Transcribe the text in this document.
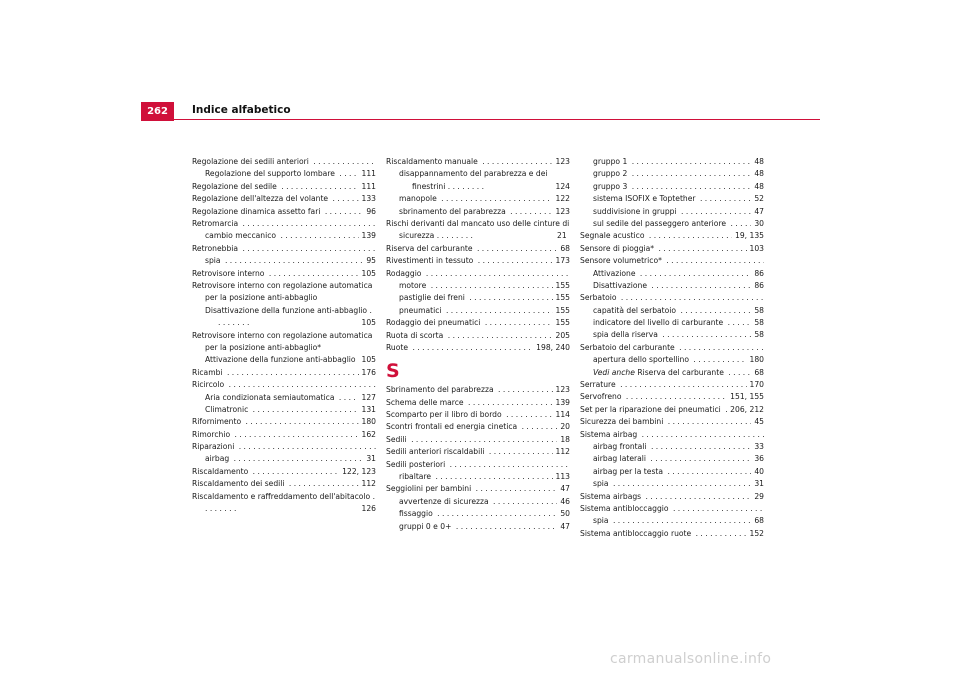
262	Indice alfabetico
Regolazione dei sedili anteriori . . .
Regolazione del supporto lombare . . .	111
Regolazione del sedile . . .	111
Regolazione dell'altezza del volante . . .	133
Regolazione dinamica assetto fari . . .	96
Retromarcia . . .
cambio meccanico . . .	139
Retronebbia . . .
spia . . .	95
Retrovisore interno . . .	105
Retrovisore interno con regolazione automatica per la posizione anti-abbaglio
Disattivazione della funzione anti-abbaglio . . . . . . . .	105
Retrovisore interno con regolazione automatica per la posizione anti-abbaglio*
Attivazione della funzione anti-abbaglio 105
Ricambi . . .	176
Ricircolo . . .
Aria condizionata semiautomatica . . .	127
Climatronic . . .	131
Rifornimento . . .	180
Rimorchio . . .	162
Riparazioni . . .
airbag . . .	31
Riscaldamento . . .	122, 123
Riscaldamento dei sedili . . .	112
Riscaldamento e raffreddamento dell'abitacolo . . . . . . . .	126
Riscaldamento manuale . . .	123
disappannamento del parabrezza e dei finestrini . . . . . . . .	124
manopole . . .	122
sbrinamento del parabrezza . . .	123
Rischi derivanti dal mancato uso delle cinture di sicurezza . . . . . . . .	21
Riserva del carburante . . .	68
Rivestimenti in tessuto . . .	173
Rodaggio . . .
motore . . .	155
pastiglie dei freni . . .	155
pneumatici . . .	155
Rodaggio dei pneumatici . . .	155
Ruota di scorta . . .	205
Ruote . . .	198, 240
S
Sbrinamento del parabrezza . . .	123
Schema delle marce . . .	139
Scomparto per il libro di bordo . . .	114
Scontri frontali ed energia cinetica . . .	20
Sedili . . .	18
Sedili anteriori riscaldabili . . .	112
Sedili posteriori . . .
ribaltare . . .	113
Seggiolini per bambini . . .	47
avvertenze di sicurezza . . .	46
fissaggio . . .	50
gruppi 0 e 0+ . . .	47
gruppo 1 . . .	48
gruppo 2 . . .	48
gruppo 3 . . .	48
sistema ISOFIX e Toptether . . .	52
suddivisione in gruppi . . .	47
sul sedile del passeggero anteriore . . .	30
Segnale acustico . . .	19, 135
Sensore di pioggia* . . .	103
Sensore volumetrico* . . .
Attivazione . . .	86
Disattivazione . . .	86
Serbatoio . . .
capatità del serbatoio . . .	58
indicatore del livello di carburante . . .	58
spia della riserva . . .	58
Serbatoio del carburante . . .
apertura dello sportellino . . .	180
Vedi anche Riserva del carburante . . .	68
Serrature . . .	170
Servofreno . . .	151, 155
Set per la riparazione dei pneumatici . . .	206, 212
Sicurezza dei bambini . . .	45
Sistema airbag . . .
airbag frontali . . .	33
airbag laterali . . .	36
airbag per la testa . . .	40
spia . . .	31
Sistema airbags . . .	29
Sistema antibloccaggio . . .
spia . . .	68
Sistema antibloccaggio ruote . . .	152
carmanualsonline.info
